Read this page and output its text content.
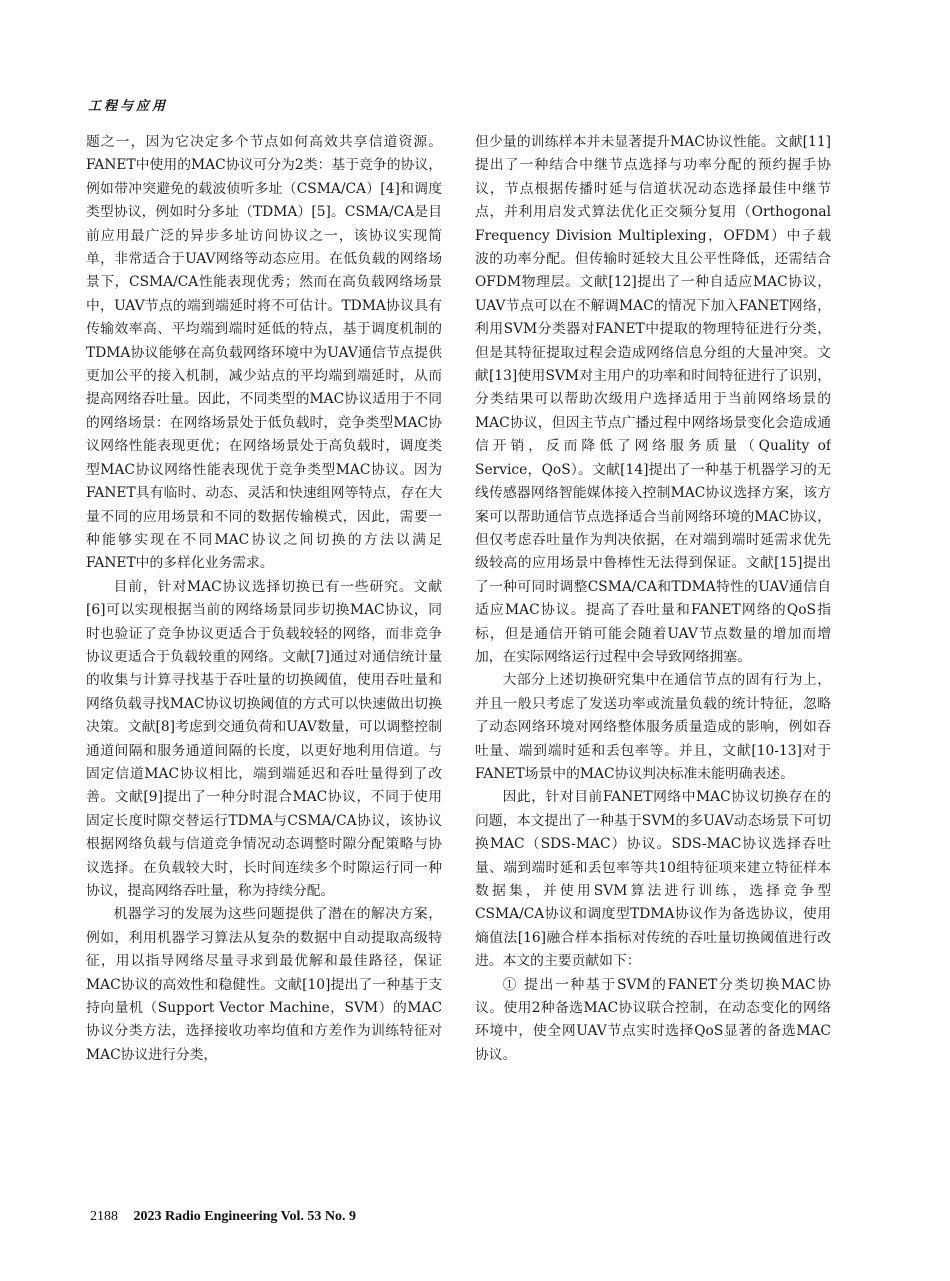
工程与应用

题之一，因为它决定多个节点如何高效共享信道资源。FANET中使用的MAC协议可分为2类：基于竞争的协议，例如带冲突避免的载波侦听多址（CSMA/CA）[4]和调度类型协议，例如时分多址（TDMA）[5]。CSMA/CA是目前应用最广泛的异步多址访问协议之一，该协议实现简单，非常适合于UAV网络等动态应用。在低负载的网络场景下，CSMA/CA性能表现优秀；然而在高负载网络场景中，UAV节点的端到端延时将不可估计。TDMA协议具有传输效率高、平均端到端时延低的特点，基于调度机制的TDMA协议能够在高负载网络环境中为UAV通信节点提供更加公平的接入机制，减少站点的平均端到端延时，从而提高网络吞吐量。因此，不同类型的MAC协议适用于不同的网络场景：在网络场景处于低负载时，竞争类型MAC协议网络性能表现更优；在网络场景处于高负载时，调度类型MAC协议网络性能表现优于竞争类型MAC协议。因为FANET具有临时、动态、灵活和快速组网等特点，存在大量不同的应用场景和不同的数据传输模式，因此，需要一种能够实现在不同MAC协议之间切换的方法以满足FANET中的多样化业务需求。

目前，针对MAC协议选择切换已有一些研究。文献[6]可以实现根据当前的网络场景同步切换MAC协议，同时也验证了竞争协议更适合于负载较轻的网络，而非竞争协议更适合于负载较重的网络。文献[7]通过对通信统计量的收集与计算寻找基于吞吐量的切换阈值，使用吞吐量和网络负载寻找MAC协议切换阈值的方式可以快速做出切换决策。文献[8]考虑到交通负荷和UAV数量，可以调整控制通道间隔和服务通道间隔的长度，以更好地利用信道。与固定信道MAC协议相比，端到端延迟和吞吐量得到了改善。文献[9]提出了一种分时混合MAC协议，不同于使用固定长度时隙交替运行TDMA与CSMA/CA协议，该协议根据网络负载与信道竞争情况动态调整时隙分配策略与协议选择。在负载较大时，长时间连续多个时隙运行同一种协议，提高网络吞吐量，称为持续分配。

机器学习的发展为这些问题提供了潜在的解决方案，例如，利用机器学习算法从复杂的数据中自动提取高级特征，用以指导网络尽量寻求到最优解和最佳路径，保证MAC协议的高效性和稳健性。文献[10]提出了一种基于支持向量机（Support Vector Machine，SVM）的MAC协议分类方法，选择接收功率均值和方差作为训练特征对MAC协议进行分类，

但少量的训练样本并未显著提升MAC协议性能。文献[11]提出了一种结合中继节点选择与功率分配的预约握手协议，节点根据传播时延与信道状况动态选择最佳中继节点，并利用启发式算法优化正交频分复用（Orthogonal Frequency Division Multiplexing，OFDM）中子载波的功率分配。但传输时延较大且公平性降低，还需结合OFDM物理层。文献[12]提出了一种自适应MAC协议，UAV节点可以在不解调MAC的情况下加入FANET网络，利用SVM分类器对FANET中提取的物理特征进行分类，但是其特征提取过程会造成网络信息分组的大量冲突。文献[13]使用SVM对主用户的功率和时间特征进行了识别，分类结果可以帮助次级用户选择适用于当前网络场景的MAC协议，但因主节点广播过程中网络场景变化会造成通信开销，反而降低了网络服务质量（Quality of Service，QoS）。文献[14]提出了一种基于机器学习的无线传感器网络智能媒体接入控制MAC协议选择方案，该方案可以帮助通信节点选择适合当前网络环境的MAC协议，但仅考虑吞吐量作为判决依据，在对端到端时延需求优先级较高的应用场景中鲁棒性无法得到保证。文献[15]提出了一种可同时调整CSMA/CA和TDMA特性的UAV通信自适应MAC协议。提高了吞吐量和FANET网络的QoS指标，但是通信开销可能会随着UAV节点数量的增加而增加，在实际网络运行过程中会导致网络拥塞。

大部分上述切换研究集中在通信节点的固有行为上，并且一般只考虑了发送功率或流量负载的统计特征，忽略了动态网络环境对网络整体服务质量造成的影响，例如吞吐量、端到端时延和丢包率等。并且，文献[10-13]对于FANET场景中的MAC协议判决标准未能明确表述。

因此，针对目前FANET网络中MAC协议切换存在的问题，本文提出了一种基于SVM的多UAV动态场景下可切换MAC（SDS-MAC）协议。SDS-MAC协议选择吞吐量、端到端时延和丢包率等共10组特征项来建立特征样本数据集，并使用SVM算法进行训练，选择竞争型CSMA/CA协议和调度型TDMA协议作为备选协议，使用熵值法[16]融合样本指标对传统的吞吐量切换阈值进行改进。本文的主要贡献如下：

① 提出一种基于SVM的FANET分类切换MAC协议。使用2种备选MAC协议联合控制，在动态变化的网络环境中，使全网UAV节点实时选择QoS显著的备选MAC协议。

2188 2023 Radio Engineering Vol. 53 No. 9
